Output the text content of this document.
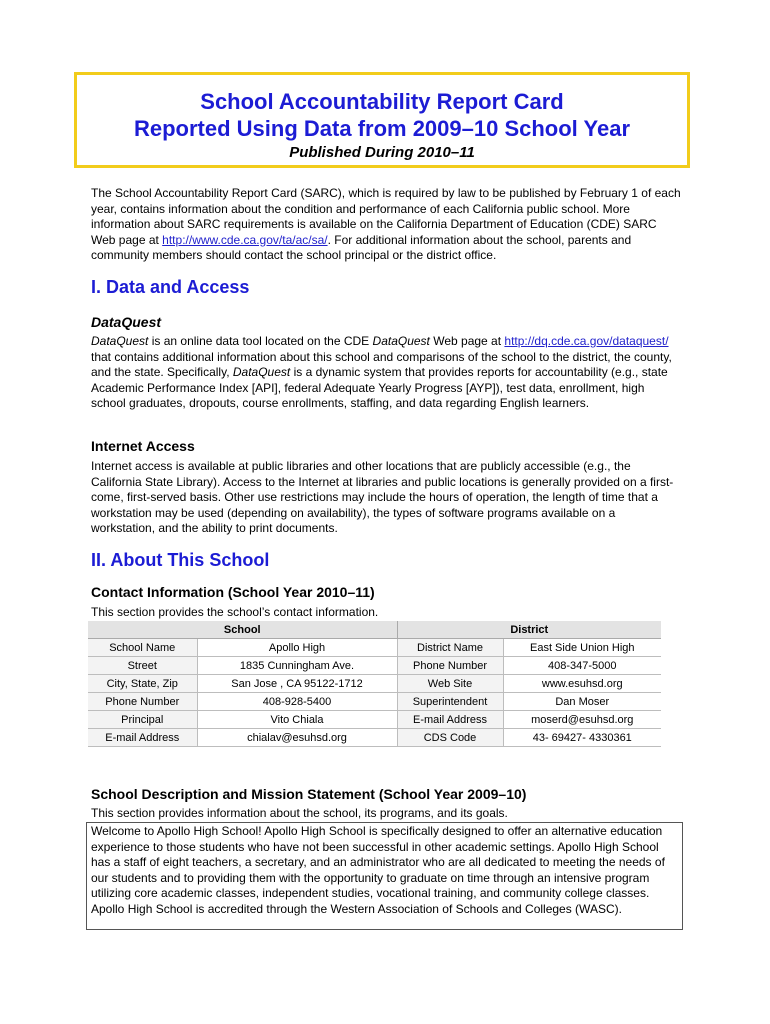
School Accountability Report Card
Reported Using Data from 2009–10 School Year
Published During 2010–11
The School Accountability Report Card (SARC), which is required by law to be published by February 1 of each year, contains information about the condition and performance of each California public school. More information about SARC requirements is available on the California Department of Education (CDE) SARC Web page at http://www.cde.ca.gov/ta/ac/sa/. For additional information about the school, parents and community members should contact the school principal or the district office.
I. Data and Access
DataQuest
DataQuest is an online data tool located on the CDE DataQuest Web page at http://dq.cde.ca.gov/dataquest/ that contains additional information about this school and comparisons of the school to the district, the county, and the state. Specifically, DataQuest is a dynamic system that provides reports for accountability (e.g., state Academic Performance Index [API], federal Adequate Yearly Progress [AYP]), test data, enrollment, high school graduates, dropouts, course enrollments, staffing, and data regarding English learners.
Internet Access
Internet access is available at public libraries and other locations that are publicly accessible (e.g., the California State Library). Access to the Internet at libraries and public locations is generally provided on a first-come, first-served basis. Other use restrictions may include the hours of operation, the length of time that a workstation may be used (depending on availability), the types of software programs available on a workstation, and the ability to print documents.
II. About This School
Contact Information (School Year 2010–11)
This section provides the school’s contact information.
School		District	
School Name	Apollo High	District Name	East Side Union High
Street	1835 Cunningham Ave.	Phone Number	408-347-5000
City, State, Zip	San Jose , CA 95122-1712	Web Site	www.esuhsd.org
Phone Number	408-928-5400	Superintendent	Dan Moser
Principal	Vito Chiala	E-mail Address	moserd@esuhsd.org
E-mail Address	chialav@esuhsd.org	CDS Code	43- 69427- 4330361
School Description and Mission Statement (School Year 2009–10)
This section provides information about the school, its programs, and its goals.
Welcome to Apollo High School! Apollo High School is specifically designed to offer an alternative education experience to those students who have not been successful in other academic settings. Apollo High School has a staff of eight teachers, a secretary, and an administrator who are all dedicated to meeting the needs of our students and to providing them with the opportunity to graduate on time through an intensive program utilizing core academic classes, independent studies, vocational training, and community college classes. Apollo High School is accredited through the Western Association of Schools and Colleges (WASC).
